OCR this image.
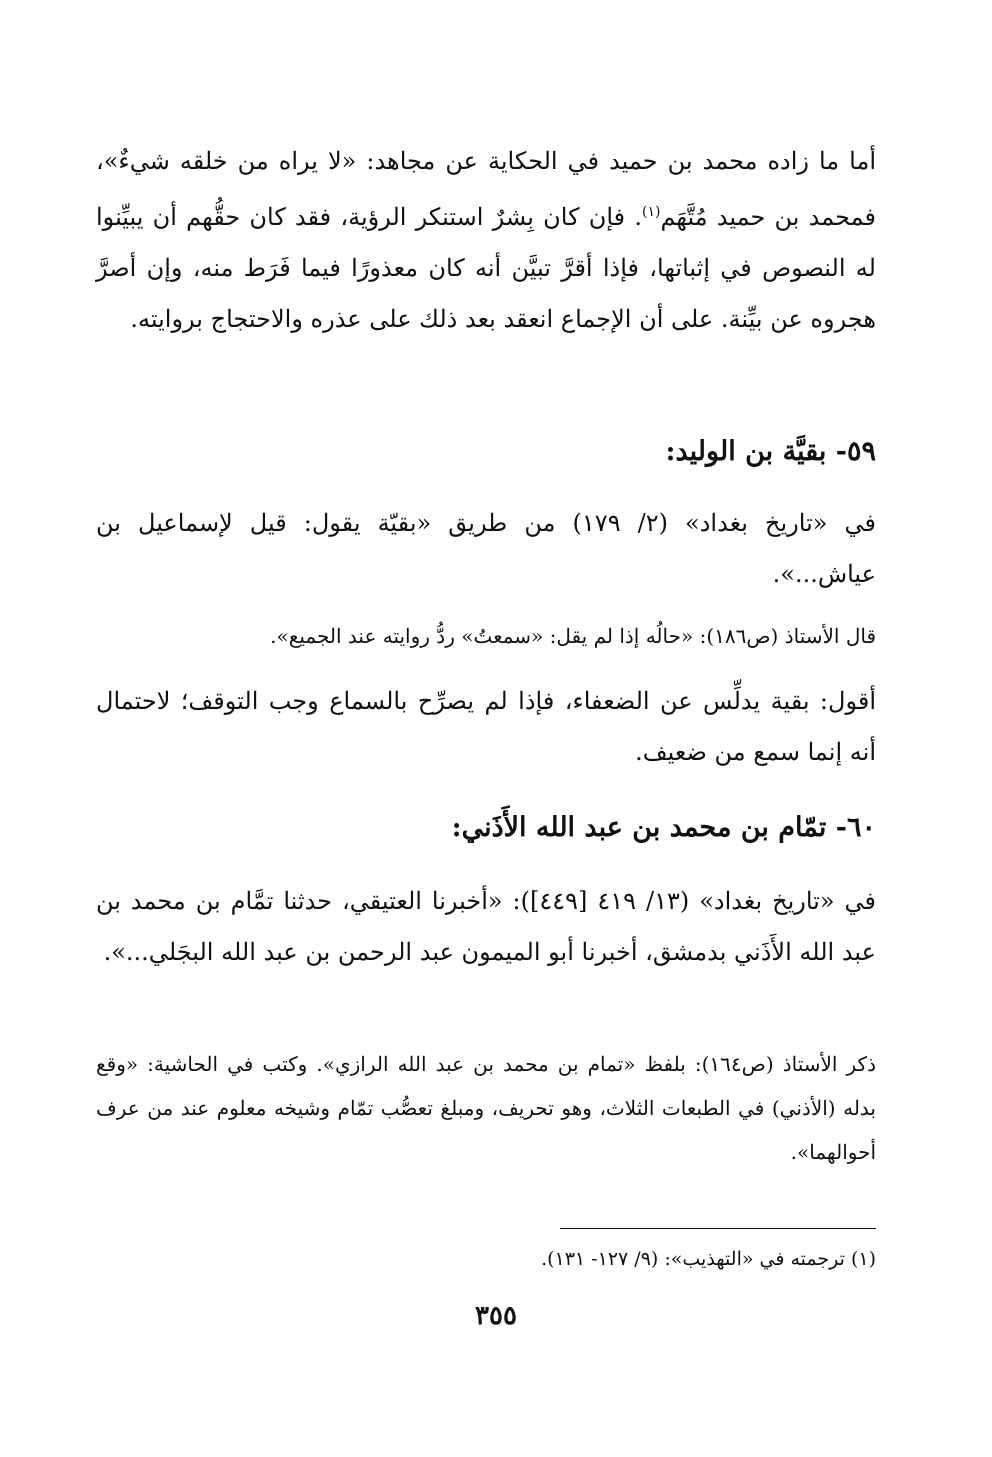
أما ما زاده محمد بن حميد في الحكاية عن مجاهد: «لا يراه من خلقه شيءٌ»، فمحمد بن حميد مُتَّهَم$^{(١)}$. فإن كان بِشرٌ استنكر الرؤية، فقد كان حقُّهم أن يبيِّنوا له النصوص في إثباتها، فإذا أقرَّ تبيَّن أنه كان معذورًا فيما فَرَط منه، وإن أصرَّ هجروه عن بيِّنة. على أن الإجماع انعقد بعد ذلك على عذره والاحتجاج بروايته.

٥٩- بقيَّة بن الوليد:

في «تاريخ بغداد» (٢/ ١٧٩) من طريق «بقيّة يقول: قيل لإسماعيل بن عياش...».

قال الأستاذ (ص١٨٦): «حالُه إذا لم يقل: «سمعتُ» ردُّ روايته عند الجميع».

أقول: بقية يدلِّس عن الضعفاء، فإذا لم يصرِّح بالسماع وجب التوقف؛ لاحتمال أنه إنما سمع من ضعيف.

٦٠- تمّام بن محمد بن عبد الله الأَذَني:

في «تاريخ بغداد» (١٣/ ٤١٩ [٤٤٩]): «أخبرنا العتيقي، حدثنا تمَّام بن محمد بن عبد الله الأَذَني بدمشق، أخبرنا أبو الميمون عبد الرحمن بن عبد الله البجَلي...».

ذكر الأستاذ (ص١٦٤): بلفظ «تمام بن محمد بن عبد الله الرازي». وكتب في الحاشية: «وقع بدله (الأذني) في الطبعات الثلاث، وهو تحريف، ومبلغ تعصُّب تمّام وشيخه معلوم عند من عرف أحوالهما».

(١) ترجمته في «التهذيب»: (٩/ ١٢٧- ١٣١).

٣٥٥
